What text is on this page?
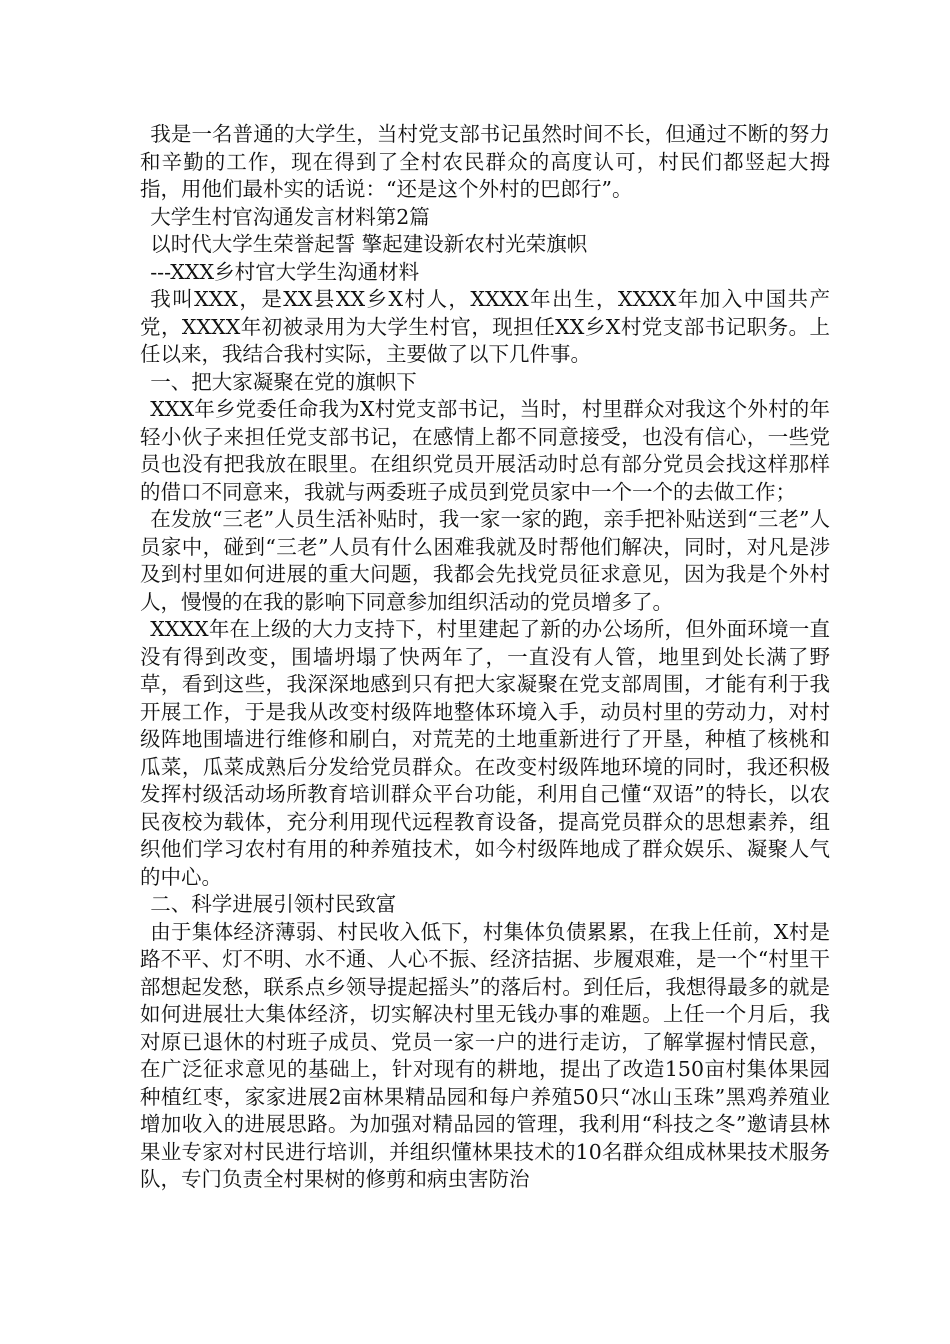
我是一名普通的大学生，当村党支部书记虽然时间不长，但通过不断的努力和辛勤的工作，现在得到了全村农民群众的高度认可，村民们都竖起大拇指，用他们最朴实的话说：“还是这个外村的巴郎行”。

大学生村官沟通发言材料第2篇

以时代大学生荣誉起誓 擎起建设新农村光荣旗帜

---XXX乡村官大学生沟通材料

我叫XXX，是XX县XX乡X村人，XXXX年出生，XXXX年加入中国共产党，XXXX年初被录用为大学生村官，现担任XX乡X村党支部书记职务。上任以来，我结合我村实际，主要做了以下几件事。

一、把大家凝聚在党的旗帜下

XXX年乡党委任命我为X村党支部书记，当时，村里群众对我这个外村的年轻小伙子来担任党支部书记，在感情上都不同意接受，也没有信心，一些党员也没有把我放在眼里。在组织党员开展活动时总有部分党员会找这样那样的借口不同意来，我就与两委班子成员到党员家中一个一个的去做工作；

在发放“三老”人员生活补贴时，我一家一家的跑，亲手把补贴送到“三老”人员家中，碰到“三老”人员有什么困难我就及时帮他们解决，同时，对凡是涉及到村里如何进展的重大问题，我都会先找党员征求意见，因为我是个外村人，慢慢的在我的影响下同意参加组织活动的党员增多了。

XXXX年在上级的大力支持下，村里建起了新的办公场所，但外面环境一直没有得到改变，围墙坍塌了快两年了，一直没有人管，地里到处长满了野草，看到这些，我深深地感到只有把大家凝聚在党支部周围，才能有利于我开展工作，于是我从改变村级阵地整体环境入手，动员村里的劳动力，对村级阵地围墙进行维修和刷白，对荒芜的土地重新进行了开垦，种植了核桃和瓜菜，瓜菜成熟后分发给党员群众。在改变村级阵地环境的同时，我还积极发挥村级活动场所教育培训群众平台功能，利用自己懂“双语”的特长，以农民夜校为载体，充分利用现代远程教育设备，提高党员群众的思想素养，组织他们学习农村有用的种养殖技术，如今村级阵地成了群众娱乐、凝聚人气的中心。

二、科学进展引领村民致富

由于集体经济薄弱、村民收入低下，村集体负债累累，在我上任前，X村是路不平、灯不明、水不通、人心不振、经济拮据、步履艰难，是一个“村里干部想起发愁，联系点乡领导提起摇头”的落后村。到任后，我想得最多的就是如何进展壮大集体经济，切实解决村里无钱办事的难题。上任一个月后，我对原已退休的村班子成员、党员一家一户的进行走访，了解掌握村情民意，在广泛征求意见的基础上，针对现有的耕地，提出了改造150亩村集体果园种植红枣，家家进展2亩林果精品园和每户养殖50只“冰山玉珠”黑鸡养殖业增加收入的进展思路。为加强对精品园的管理，我利用“科技之冬”邀请县林果业专家对村民进行培训，并组织懂林果技术的10名群众组成林果技术服务队，专门负责全村果树的修剪和病虫害防治
